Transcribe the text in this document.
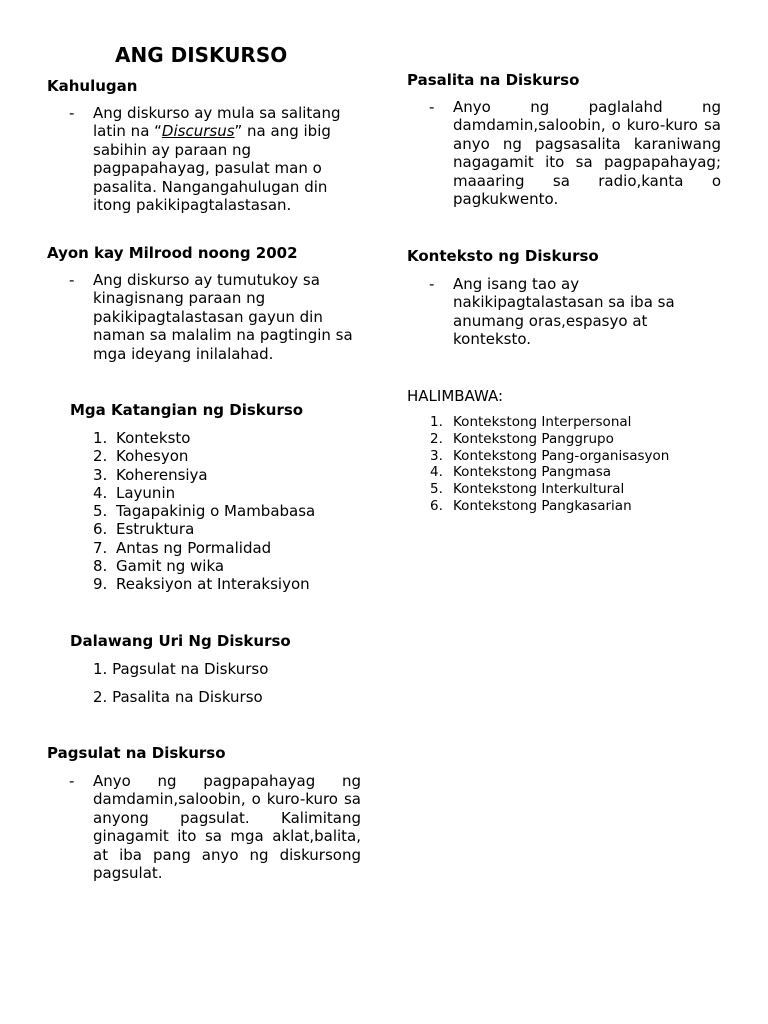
ANG DISKURSO
Kahulugan
-	Ang diskurso ay mula sa salitang latin na “Discursus” na ang ibig sabihin ay paraan ng pagpapahayag, pasulat man o pasalita. Nangangahulugan din itong pakikipagtalastasan.
Ayon kay Milrood noong 2002
-	Ang diskurso ay tumutukoy sa kinagisnang paraan ng pakikipagtalastasan gayun din naman sa malalim na pagtingin sa mga ideyang inilalahad.
Mga Katangian ng Diskurso
1. Konteksto
2. Kohesyon
3. Koherensiya
4. Layunin
5. Tagapakinig o Mambabasa
6. Estruktura
7. Antas ng Pormalidad
8. Gamit ng wika
9. Reaksiyon at Interaksiyon
Dalawang Uri Ng Diskurso
1. Pagsulat na Diskurso
2. Pasalita na Diskurso
Pagsulat na Diskurso
-	Anyo ng pagpapahayag ng damdamin,saloobin, o kuro-kuro sa anyong pagsulat. Kalimitang ginagamit ito sa mga aklat,balita, at iba pang anyo ng diskursong pagsulat.
Pasalita na Diskurso
-	Anyo ng paglalahd ng damdamin,saloobin, o kuro-kuro sa anyo ng pagsasalita karaniwang nagagamit ito sa pagpapahayag; maaaring sa radio,kanta o pagkukwento.
Konteksto ng Diskurso
-	Ang isang tao ay nakikipagtalastasan sa iba sa anumang oras,espasyo at konteksto.
HALIMBAWA:
1. Kontekstong Interpersonal
2. Kontekstong Panggrupo
3. Kontekstong Pang-organisasyon
4. Kontekstong Pangmasa
5. Kontekstong Interkultural
6. Kontekstong Pangkasarian
